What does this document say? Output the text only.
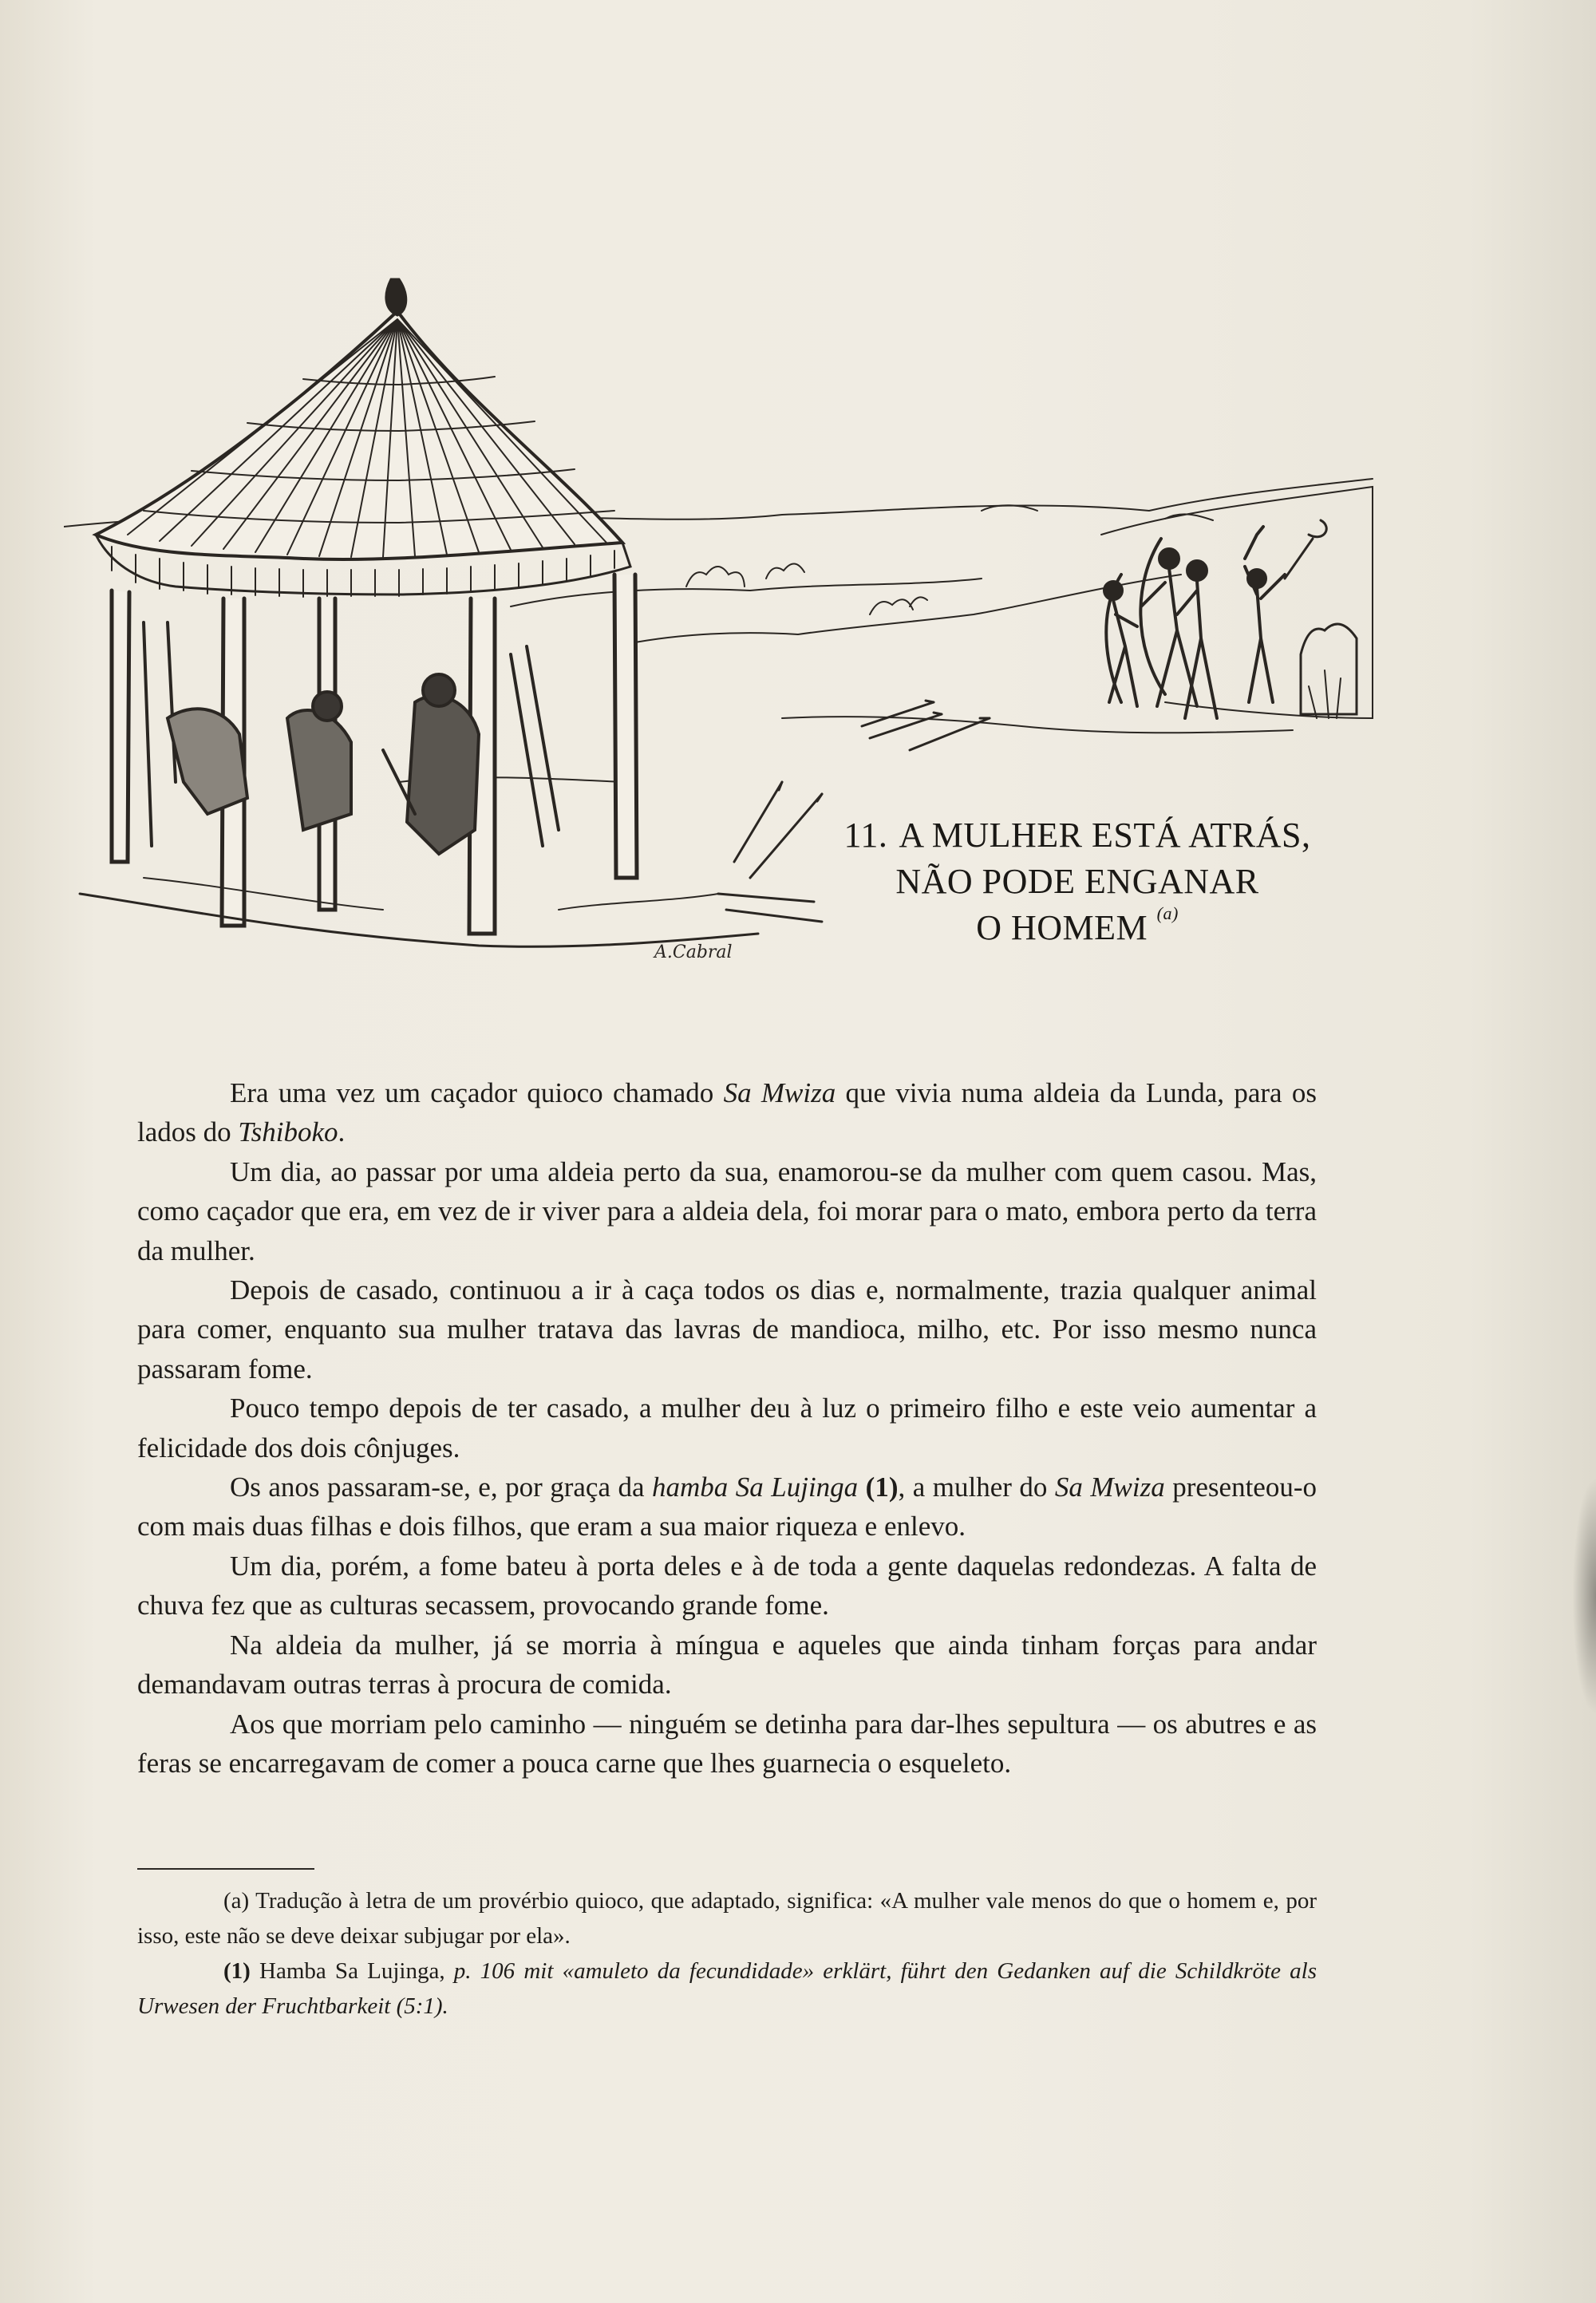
A.Cabral
11. A MULHER ESTÁ ATRÁS,
NÃO PODE ENGANAR
O HOMEM $^{(a)}$

Era uma vez um caçador quioco chamado Sa Mwiza que vivia numa aldeia da Lunda, para os lados do Tshiboko.

Um dia, ao passar por uma aldeia perto da sua, enamorou-se da mulher com quem casou. Mas, como caçador que era, em vez de ir viver para a aldeia dela, foi morar para o mato, embora perto da terra da mulher.

Depois de casado, continuou a ir à caça todos os dias e, normalmente, trazia qualquer animal para comer, enquanto sua mulher tratava das lavras de mandioca, milho, etc. Por isso mesmo nunca passaram fome.

Pouco tempo depois de ter casado, a mulher deu à luz o primeiro filho e este veio aumentar a felicidade dos dois cônjuges.

Os anos passaram-se, e, por graça da hamba Sa Lujinga (1), a mulher do Sa Mwiza presenteou-o com mais duas filhas e dois filhos, que eram a sua maior riqueza e enlevo.

Um dia, porém, a fome bateu à porta deles e à de toda a gente daquelas redondezas. A falta de chuva fez que as culturas secassem, provocando grande fome.

Na aldeia da mulher, já se morria à míngua e aqueles que ainda tinham forças para andar demandavam outras terras à procura de comida.

Aos que morriam pelo caminho — ninguém se detinha para dar-lhes sepultura — os abutres e as feras se encarregavam de comer a pouca carne que lhes guarnecia o esqueleto.

(a) Tradução à letra de um provérbio quioco, que adaptado, significa: «A mulher vale menos do que o homem e, por isso, este não se deve deixar subjugar por ela».

(1) Hamba Sa Lujinga, p. 106 mit «amuleto da fecundidade» erklärt, führt den Gedanken auf die Schildkröte als Urwesen der Fruchtbarkeit (5:1).
